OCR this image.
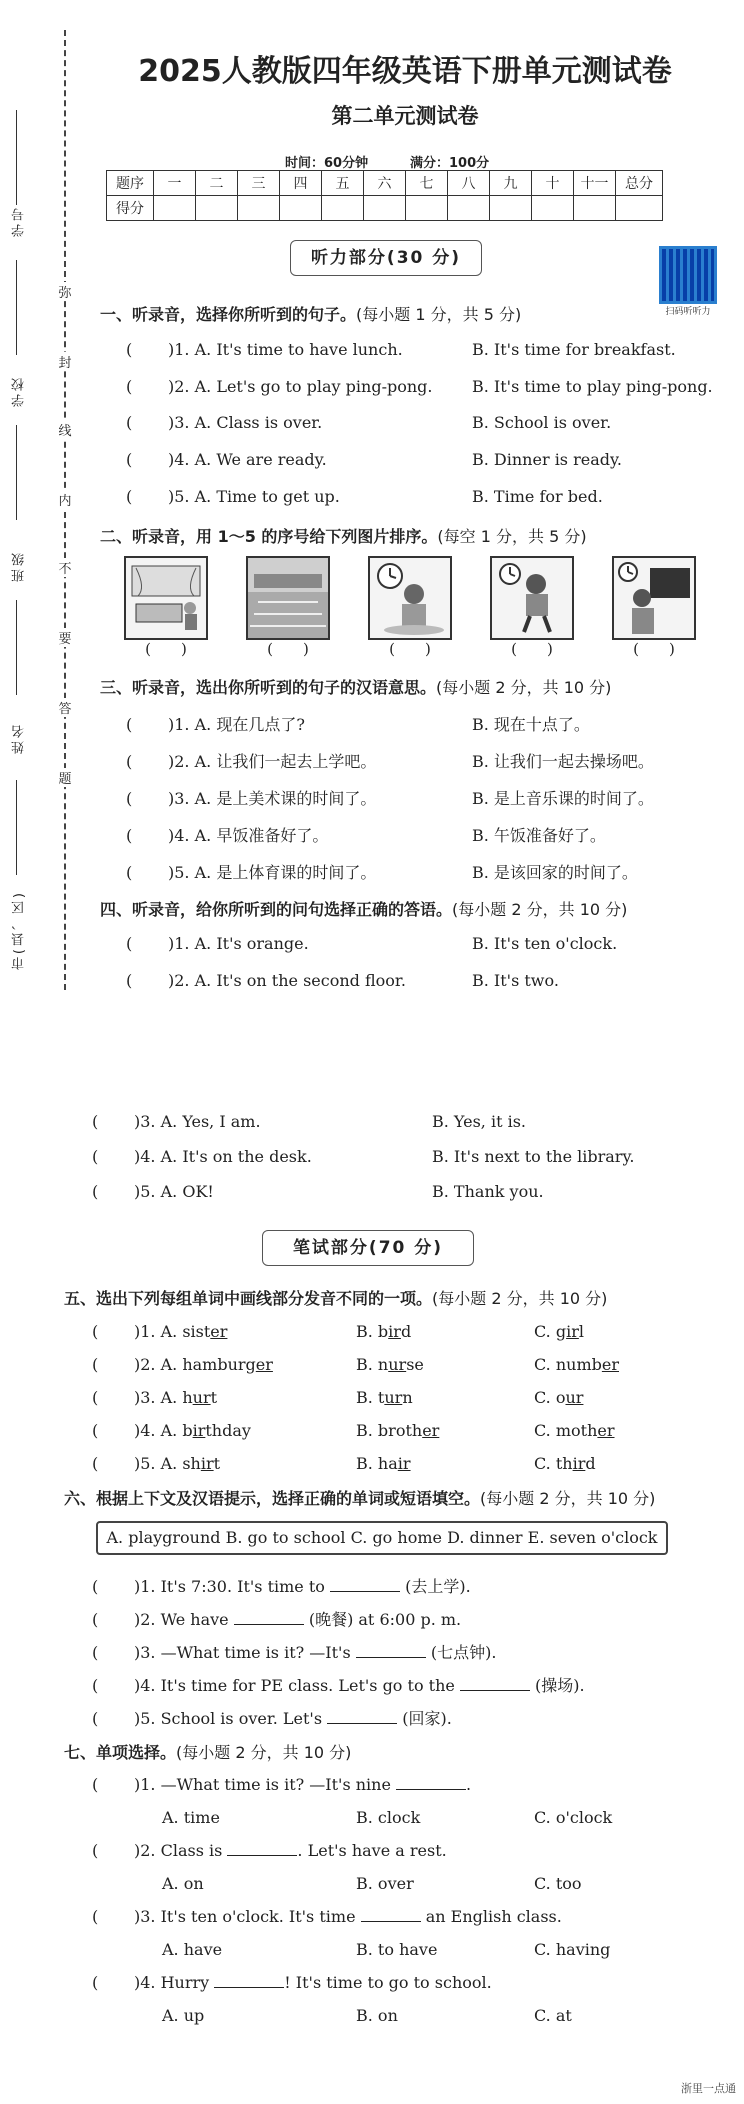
学号
学校
班级
姓名
市(县、区)
弥
封
线
内
不
要
答
题
2025人教版四年级英语下册单元测试卷
第二单元测试卷
时间：60分钟	满分：100分
题序	一	二	三	四	五	六	七	八	九	十	十一	总分
得分												
听力部分(30 分)
扫码听听力
一、听录音，选择你所听到的句子。(每小题 1 分，共 5 分)
( )1. A. It's time to have lunch.	B. It's time for breakfast.
( )2. A. Let's go to play ping-pong. B. It's time to play ping-pong.
( )3. A. Class is over.	B. School is over.
( )4. A. We are ready.	B. Dinner is ready.
( )5. A. Time to get up.	B. Time for bed.
二、听录音，用 1～5 的序号给下列图片排序。(每空 1 分，共 5 分)
(　　)	(　　)	(　　)	(　　)	(　　)
三、听录音，选出你所听到的句子的汉语意思。(每小题 2 分，共 10 分)
( )1. A. 现在几点了?	B. 现在十点了。
( )2. A. 让我们一起去上学吧。	B. 让我们一起去操场吧。
( )3. A. 是上美术课的时间了。	B. 是上音乐课的时间了。
( )4. A. 早饭准备好了。	B. 午饭准备好了。
( )5. A. 是上体育课的时间了。	B. 是该回家的时间了。
四、听录音，给你所听到的问句选择正确的答语。(每小题 2 分，共 10 分)
( )1. A. It's orange.	B. It's ten o'clock.
( )2. A. It's on the second floor.	B. It's two.
( )3. A. Yes, I am.	B. Yes, it is.
( )4. A. It's on the desk.	B. It's next to the library.
( )5. A. OK!	B. Thank you.
笔试部分(70 分)
五、选出下列每组单词中画线部分发音不同的一项。(每小题 2 分，共 10 分)
( )1. A. sister	B. bird	C. girl
( )2. A. hamburger	B. nurse	C. number
( )3. A. hurt	B. turn	C. our
( )4. A. birthday	B. brother	C. mother
( )5. A. shirt	B. hair	C. third
六、根据上下文及汉语提示，选择正确的单词或短语填空。(每小题 2 分，共 10 分)
A. playground B. go to school C. go home D. dinner E. seven o'clock
( )1. It's 7:30. It's time to	(去上学).
( )2. We have	(晚餐) at 6:00 p. m.
( )3. —What time is it? —It's	(七点钟).
( )4. It's time for PE class. Let's go to the	(操场).
( )5. School is over. Let's	(回家).
七、单项选择。(每小题 2 分，共 10 分)
( )1. —What time is it? —It's nine	.
A. time	B. clock	C. o'clock
( )2. Class is	. Let's have a rest.
A. on	B. over	C. too
( )3. It's ten o'clock. It's time	an English class.
A. have	B. to have	C. having
( )4. Hurry	! It's time to go to school.
A. up	B. on	C. at
浙里一点通
